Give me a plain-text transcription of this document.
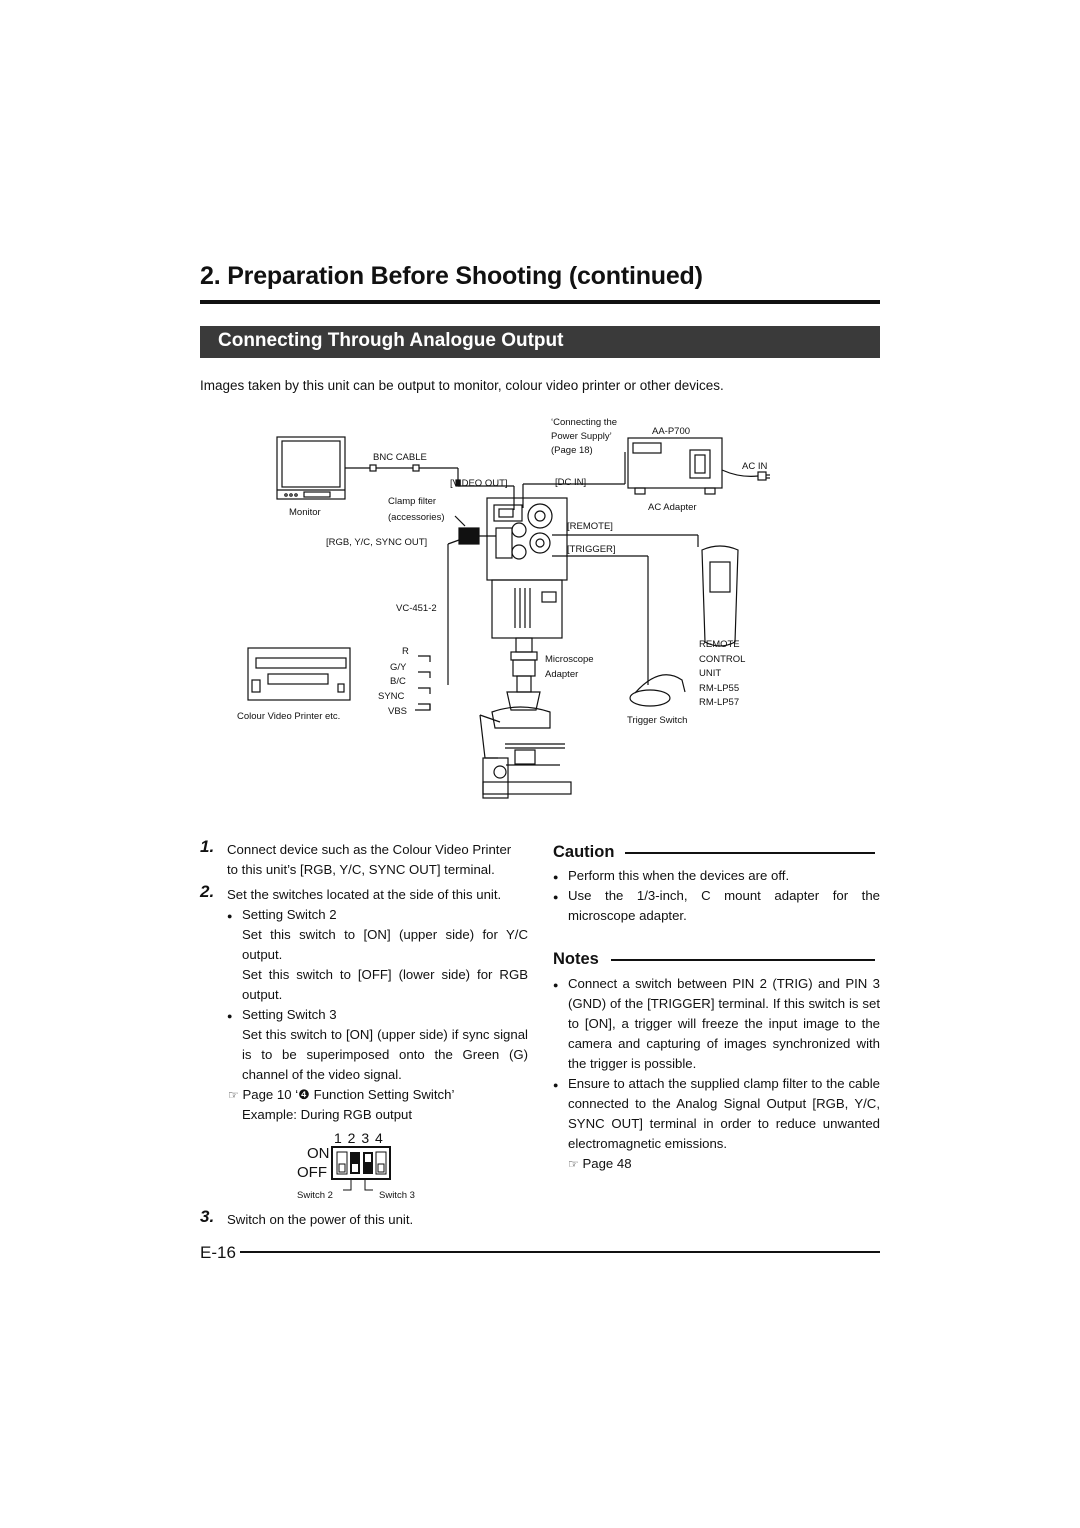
2. Preparation Before Shooting (continued)
Connecting Through Analogue Output
Images taken by this unit can be output to monitor, colour video printer or other devices.
Monitor
BNC CABLE
[VIDEO OUT]
Clamp filter
(accessories)
[RGB, Y/C, SYNC OUT]
‘Connecting the
Power Supply’
(Page 18)
AA-P700
AC IN
[DC IN]
AC Adapter
[REMOTE]
[TRIGGER]
VC-451-2
R
G/Y
B/C
SYNC
VBS
Colour Video Printer etc.
Microscope
Adapter
REMOTE
CONTROL
UNIT
RM-LP55
RM-LP57
Trigger Switch
1. Connect device such as the Colour Video Printer
to this unit’s [RGB, Y/C, SYNC OUT] terminal.
2. Set the switches located at the side of this unit.
● Setting Switch 2
Set this switch to [ON] (upper side) for Y/C output.
Set this switch to [OFF] (lower side) for RGB output.
● Setting Switch 3
Set this switch to [ON] (upper side) if sync signal is to be superimposed onto the Green (G) channel of the video signal.
☞ Page 10 ‘❹ Function Setting Switch’
Example: During RGB output
1 2 3 4
ON
OFF
Switch 2	Switch 3
3. Switch on the power of this unit.
Caution
● Perform this when the devices are off.
● Use the 1/3-inch, C mount adapter for the microscope adapter.
Notes
● Connect a switch between PIN 2 (TRIG) and PIN 3 (GND) of the [TRIGGER] terminal. If this switch is set to [ON], a trigger will freeze the input image to the camera and capturing of images synchronized with the trigger is possible.
● Ensure to attach the supplied clamp filter to the cable connected to the Analog Signal Output [RGB, Y/C, SYNC OUT] terminal in order to reduce unwanted electromagnetic emissions.
☞ Page 48
E-16
